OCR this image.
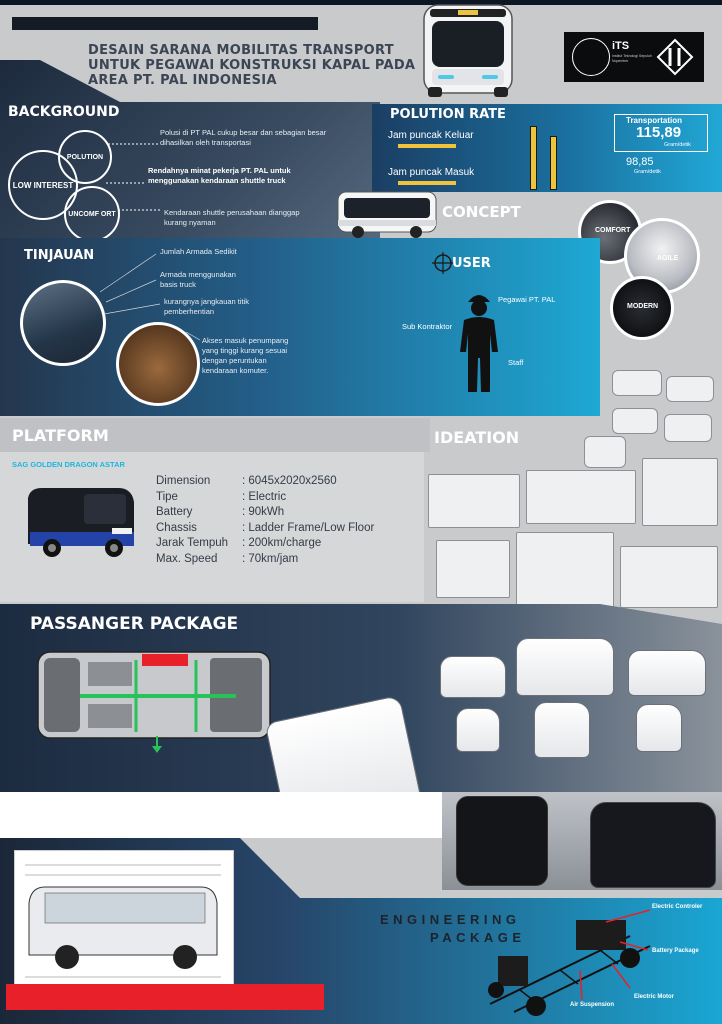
DESAIN SARANA MOBILITAS TRANSPORT
UNTUK PEGAWAI KONSTRUKSI KAPAL PADA
AREA PT. PAL INDONESIA
iTS
Institut Teknologi Sepuluh Nopember
BACKGROUND
POLUTION
LOW INTEREST
UNCOMF ORT
Polusi di PT PAL cukup besar dan sebagian besar dihasilkan oleh transportasi
Rendahnya minat pekerja PT. PAL untuk menggunakan kendaraan shuttle truck
Kendaraan shuttle perusahaan dianggap kurang nyaman
POLUTION RATE
Jam puncak Keluar
Jam puncak Masuk
Transportation
115,89
Gram/detik
98,85
Gram/detik
CONCEPT
COMFORT
AGILE
MODERN
TINJAUAN	Jumlah Armada Sedikit
Armada menggunakan basis truck
kurangnya jangkauan titik pemberhentian
Akses masuk penumpang yang tinggi kurang sesuai dengan peruntukan kendaraan komuter.
USER
Pegawai PT. PAL
Sub Kontraktor
Staff
PLATFORM
SAG GOLDEN DRAGON ASTAR
Dimension	: 6045x2020x2560
Tipe	: Electric
Battery	: 90kWh
Chassis	: Ladder Frame/Low Floor
Jarak Tempuh	: 200km/charge
Max. Speed	: 70km/jam
IDEATION
PASSANGER PACKAGE
ENGINEERING
PACKAGE
Electric Controler
Battery Package
Electric Motor
Air Suspension
